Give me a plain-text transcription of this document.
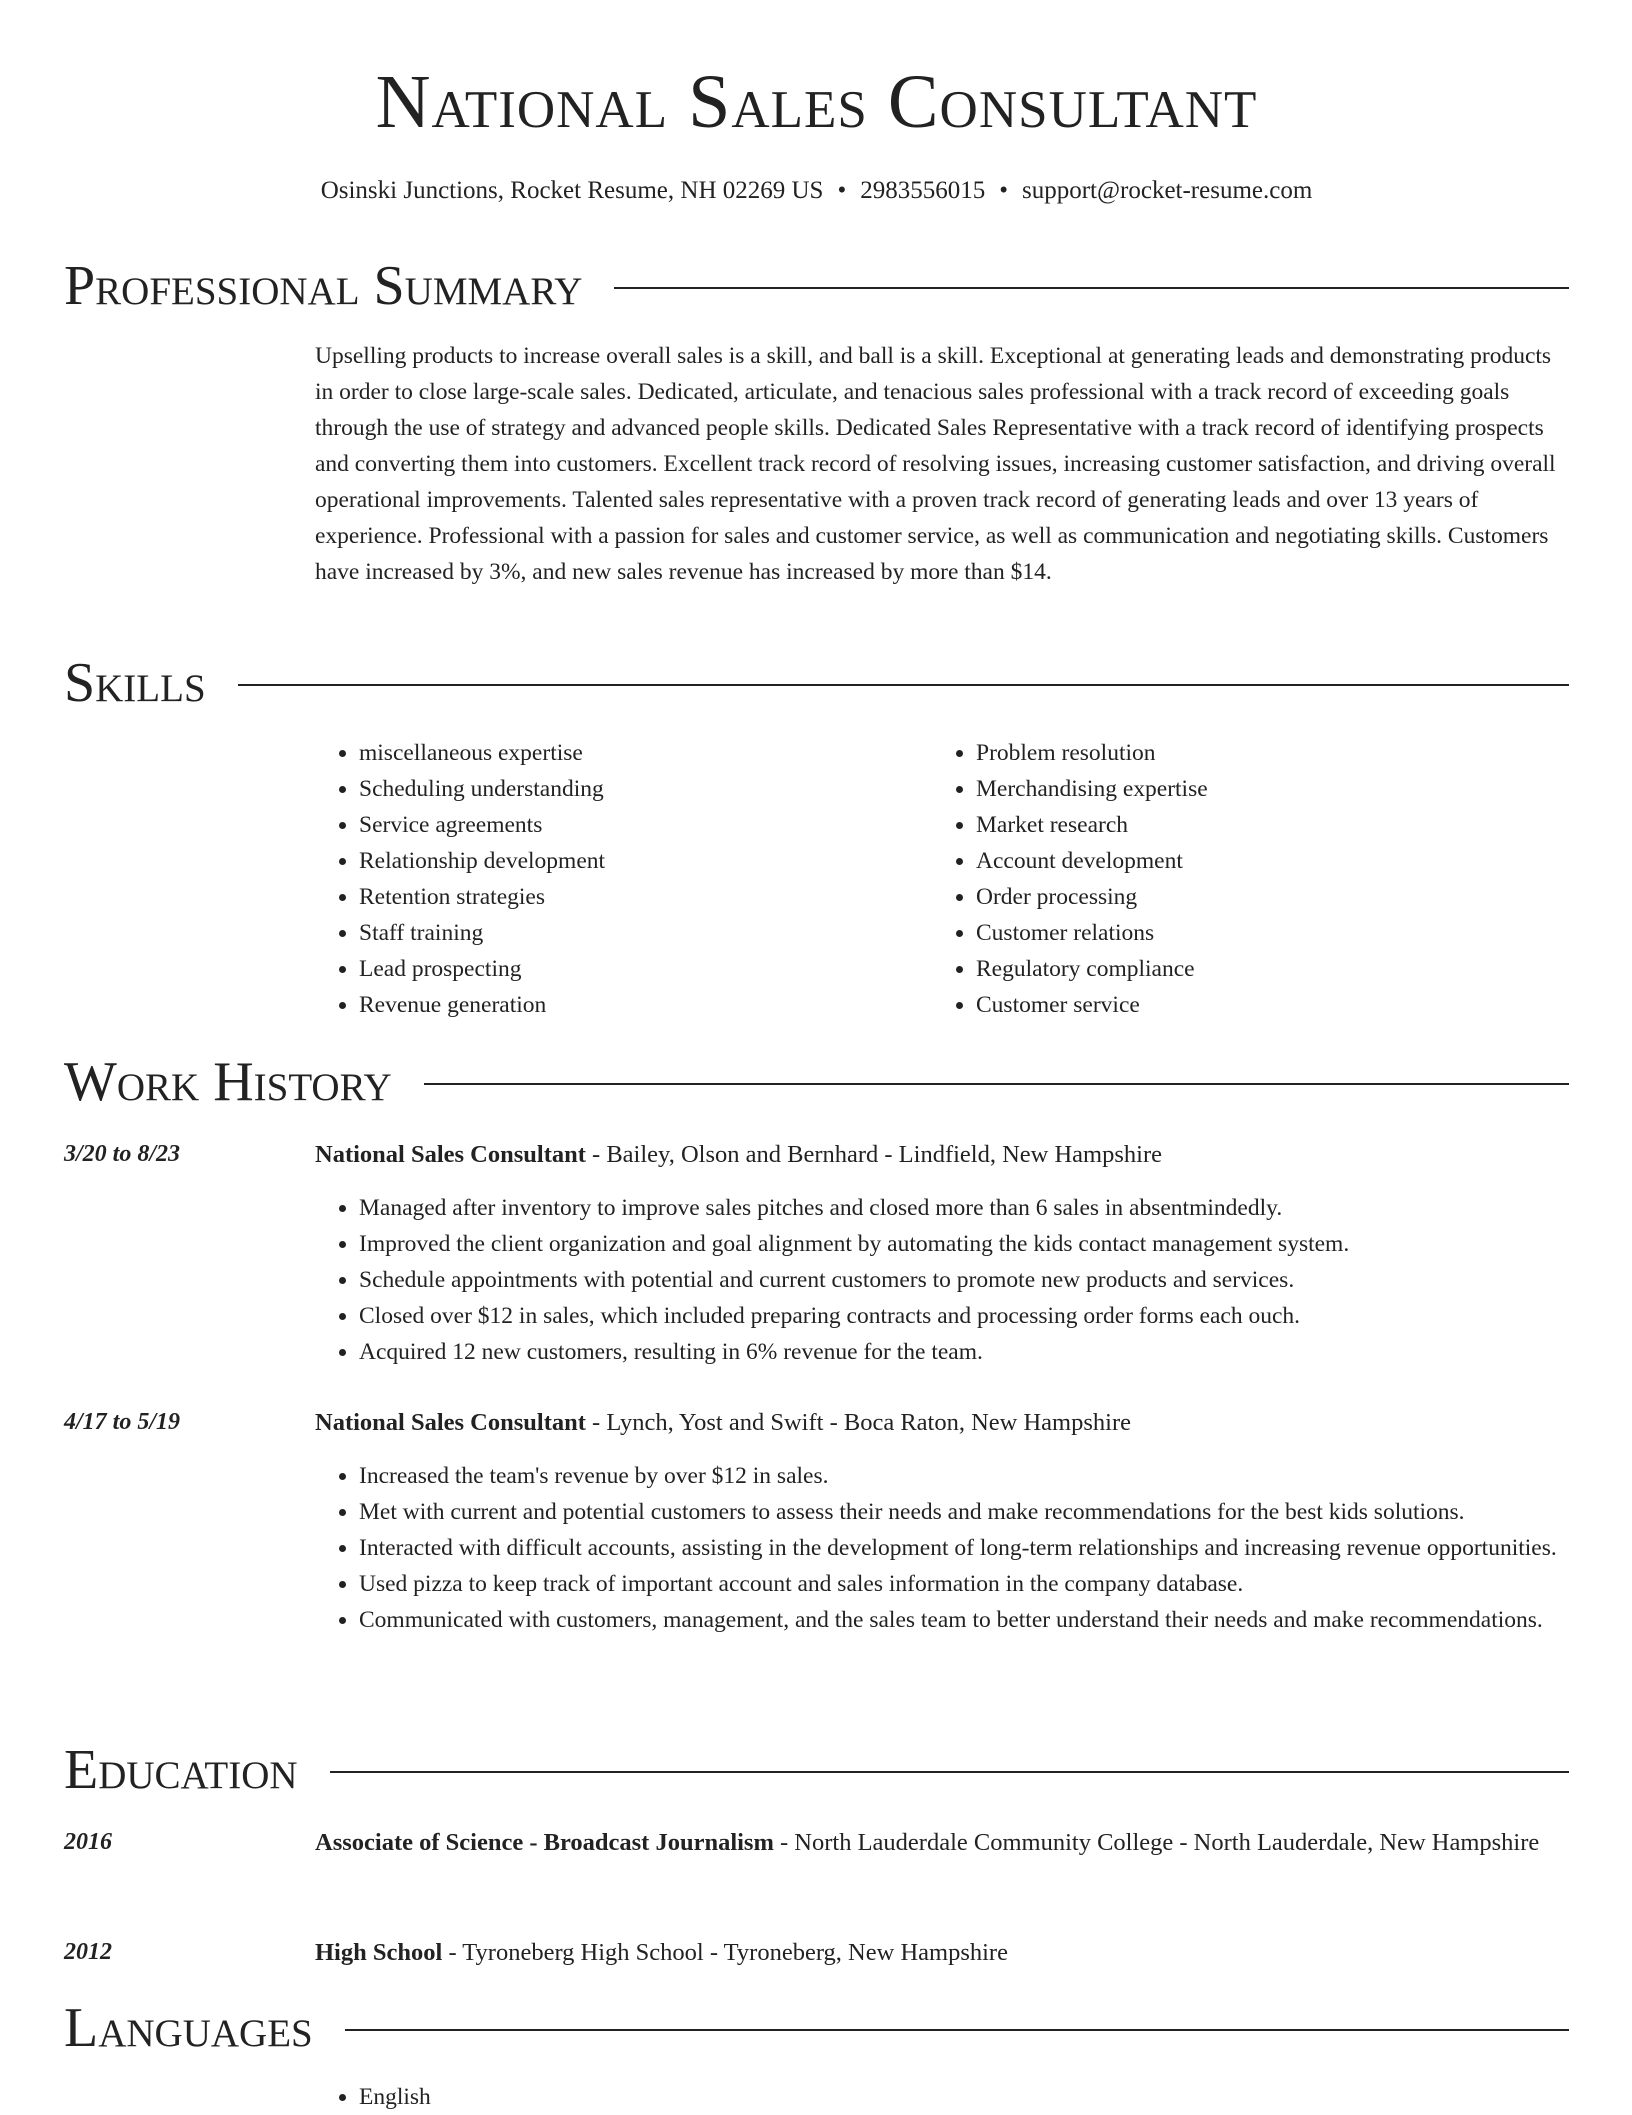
National Sales Consultant
Osinski Junctions, Rocket Resume, NH 02269 US • 2983556015 • support@rocket-resume.com
Professional Summary

Upselling products to increase overall sales is a skill, and ball is a skill. Exceptional at generating leads and demonstrating products in order to close large-scale sales. Dedicated, articulate, and tenacious sales professional with a track record of exceeding goals through the use of strategy and advanced people skills. Dedicated Sales Representative with a track record of identifying prospects and converting them into customers. Excellent track record of resolving issues, increasing customer satisfaction, and driving overall operational improvements. Talented sales representative with a proven track record of generating leads and over 13 years of experience. Professional with a passion for sales and customer service, as well as communication and negotiating skills. Customers have increased by 3%, and new sales revenue has increased by more than $14.

Skills
• miscellaneous expertise
• Scheduling understanding
• Service agreements
• Relationship development
• Retention strategies
• Staff training
• Lead prospecting
• Revenue generation
• Problem resolution
• Merchandising expertise
• Market research
• Account development
• Order processing
• Customer relations
• Regulatory compliance
• Customer service
Work History
3/20 to 8/23	National Sales Consultant - Bailey, Olson and Bernhard - Lindfield, New Hampshire

• Managed after inventory to improve sales pitches and closed more than 6 sales in absentmindedly.
• Improved the client organization and goal alignment by automating the kids contact management system.
• Schedule appointments with potential and current customers to promote new products and services.
• Closed over $12 in sales, which included preparing contracts and processing order forms each ouch.
• Acquired 12 new customers, resulting in 6% revenue for the team.
4/17 to 5/19	National Sales Consultant - Lynch, Yost and Swift - Boca Raton, New Hampshire

• Increased the team's revenue by over $12 in sales.
• Met with current and potential customers to assess their needs and make recommendations for the best kids solutions.
• Interacted with difficult accounts, assisting in the development of long-term relationships and increasing revenue opportunities.
• Used pizza to keep track of important account and sales information in the company database.
• Communicated with customers, management, and the sales team to better understand their needs and make recommendations.
Education
2016	Associate of Science - Broadcast Journalism - North Lauderdale Community College - North Lauderdale, New Hampshire

2012	High School - Tyroneberg High School - Tyroneberg, New Hampshire

Languages
• English
